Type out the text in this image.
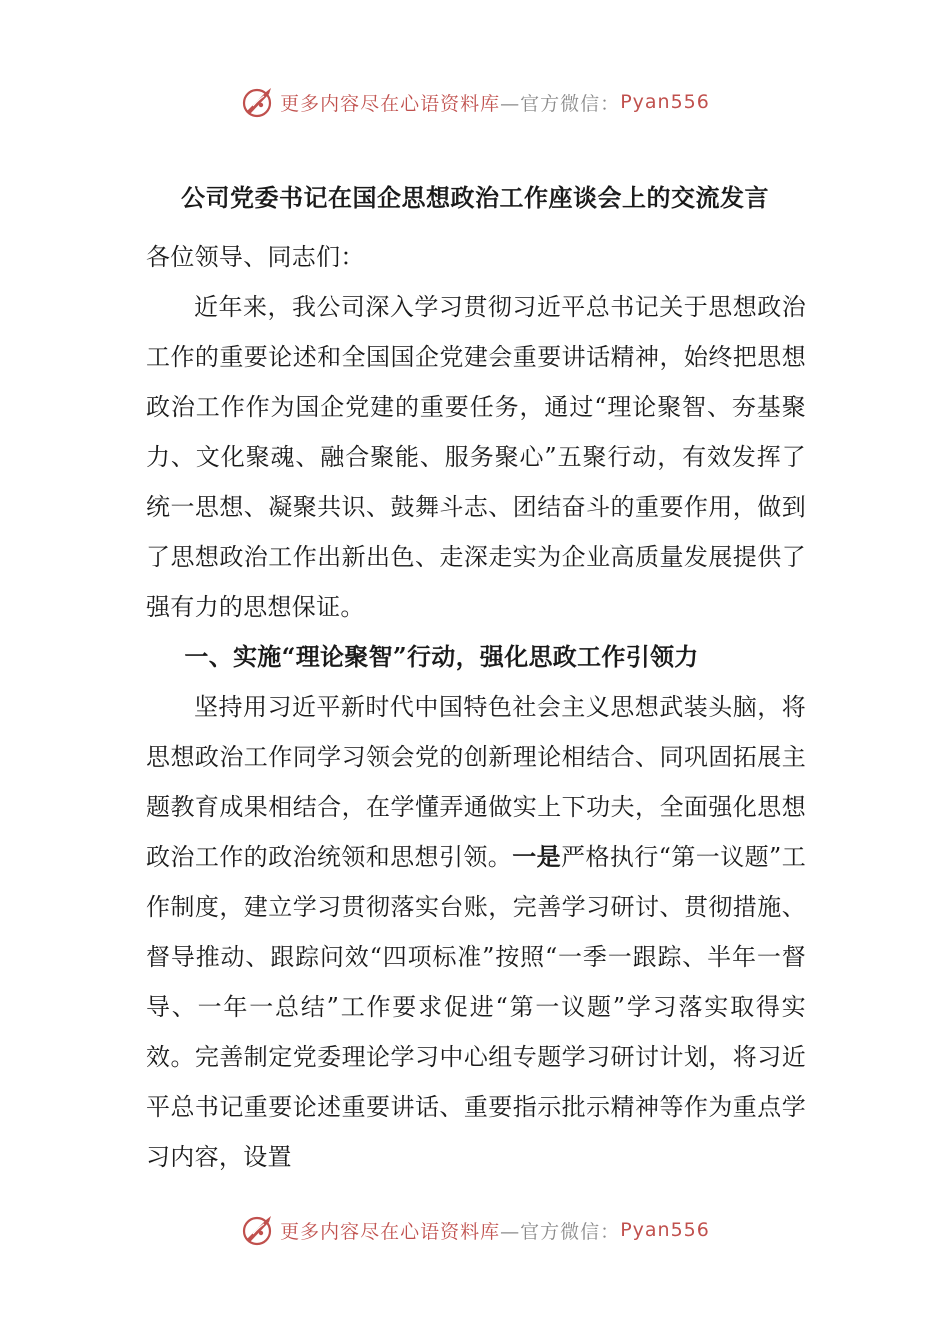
更多内容尽在心语资料库 —官方微信： Pyan556
公司党委书记在国企思想政治工作座谈会上的交流发言

各位领导、同志们：

近年来，我公司深入学习贯彻习近平总书记关于思想政治工作的重要论述和全国国企党建会重要讲话精神，始终把思想政治工作作为国企党建的重要任务，通过“理论聚智、夯基聚力、文化聚魂、融合聚能、服务聚心”五聚行动，有效发挥了统一思想、凝聚共识、鼓舞斗志、团结奋斗的重要作用，做到了思想政治工作出新出色、走深走实为企业高质量发展提供了强有力的思想保证。

一、实施“理论聚智”行动，强化思政工作引领力

坚持用习近平新时代中国特色社会主义思想武装头脑，将思想政治工作同学习领会党的创新理论相结合、同巩固拓展主题教育成果相结合，在学懂弄通做实上下功夫，全面强化思想政治工作的政治统领和思想引领。一是严格执行“第一议题”工作制度，建立学习贯彻落实台账，完善学习研讨、贯彻措施、督导推动、跟踪问效“四项标准”按照“一季一跟踪、半年一督导、一年一总结”工作要求促进“第一议题”学习落实取得实效。完善制定党委理论学习中心组专题学习研讨计划，将习近平总书记重要论述重要讲话、重要指示批示精神等作为重点学习内容，设置

更多内容尽在心语资料库 —官方微信： Pyan556
